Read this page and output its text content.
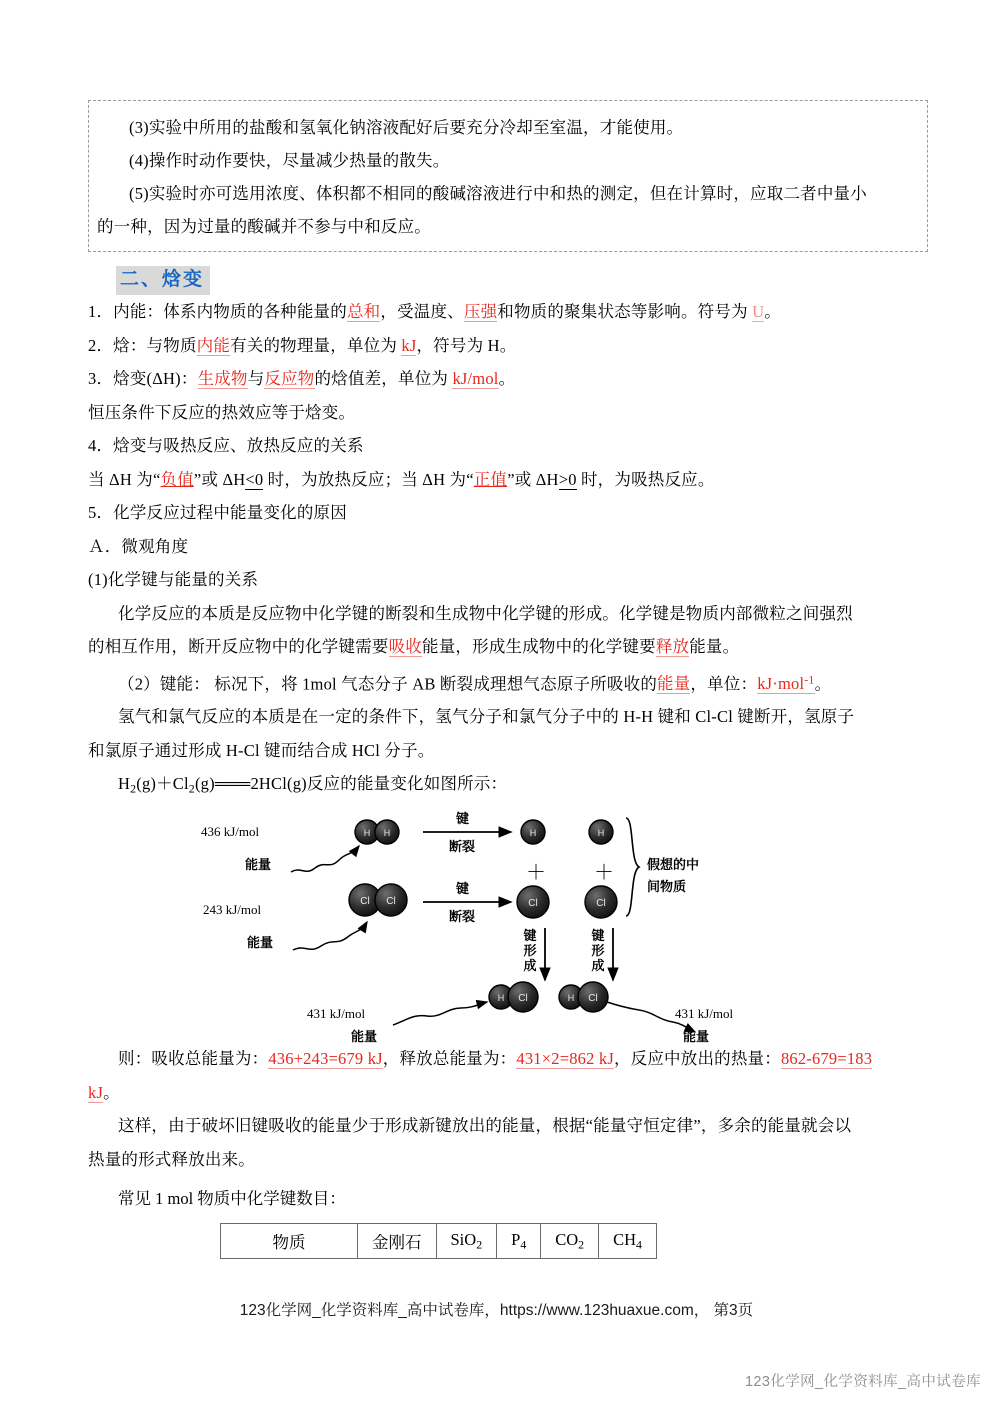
(3)实验中所用的盐酸和氢氧化钠溶液配好后要充分冷却至室温，才能使用。

(4)操作时动作要快，尽量减少热量的散失。

(5)实验时亦可选用浓度、体积都不相同的酸碱溶液进行中和热的测定，但在计算时，应取二者中量小

的一种，因为过量的酸碱并不参与中和反应。

二、焓变

1．内能：体系内物质的各种能量的总和，受温度、压强和物质的聚集状态等影响。符号为 U。

2．焓：与物质内能有关的物理量，单位为 kJ，符号为 H。

3．焓变(ΔH)：生成物与反应物的焓值差，单位为 kJ/mol。

恒压条件下反应的热效应等于焓变。

4．焓变与吸热反应、放热反应的关系

当 ΔH 为“负值”或 ΔH<0 时，为放热反应；当 ΔH 为“正值”或 ΔH>0 时，为吸热反应。

5．化学反应过程中能量变化的原因

Ａ．微观角度

(1)化学键与能量的关系

化学反应的本质是反应物中化学键的断裂和生成物中化学键的形成。化学键是物质内部微粒之间强烈

的相互作用，断开反应物中的化学键需要吸收能量，形成生成物中的化学键要释放能量。

（2）键能： 标况下，将 1mol 气态分子 AB 断裂成理想气态原子所吸收的能量，单位：kJ·mol$^{-1}$。

氢气和氯气反应的本质是在一定的条件下，氢气分子和氯气分子中的 H-H 键和 Cl-Cl 键断开，氢原子

和氯原子通过形成 H-Cl 键而结合成 HCl 分子。

$H_2(g)+Cl_2(g)═══2HCl(g)$反应的能量变化如图所示：

H H
Cl Cl
H
Cl
H
Cl
H Cl	H Cl
436 kJ/mol
能量
243 kJ/mol
能量
键
断裂
键
断裂
＋ ＋	假想的中
间物质
键
形
成
键
形
成
431 kJ/mol
能量
431 kJ/mol
能量

则：吸收总能量为：436+243=679 kJ，释放总能量为：431×2=862 kJ，反应中放出的热量：862-679=183

kJ。

这样，由于破坏旧键吸收的能量少于形成新键放出的能量，根据“能量守恒定律”，多余的能量就会以

热量的形式释放出来。

常见 1 mol 物质中化学键数目：

物质	金刚石	SiO$_2$	$P_4$	$CO_2$	$CH_4$
123化学网_化学资料库_高中试卷库，https://www.123huaxue.com， 第3页
123化学网_化学资料库_高中试卷库
